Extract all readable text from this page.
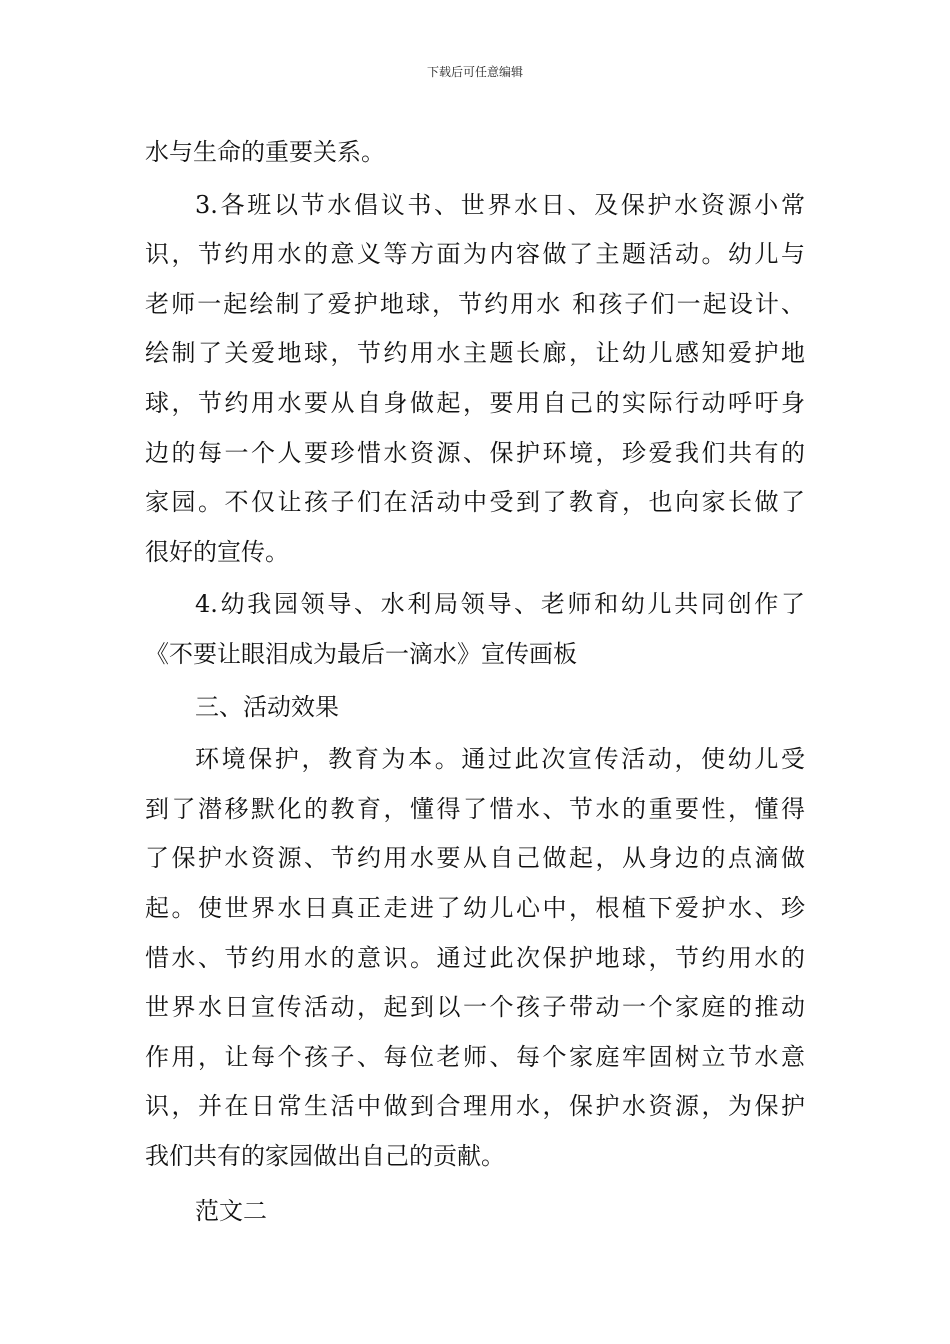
下载后可任意编辑
水与生命的重要关系。
3.各班以节水倡议书、世界水日、及保护水资源小常
识，节约用水的意义等方面为内容做了主题活动。幼儿与
老师一起绘制了爱护地球，节约用水 和孩子们一起设计、
绘制了关爱地球，节约用水主题长廊，让幼儿感知爱护地
球，节约用水要从自身做起，要用自己的实际行动呼吁身
边的每一个人要珍惜水资源、保护环境，珍爱我们共有的
家园。不仅让孩子们在活动中受到了教育，也向家长做了
很好的宣传。
4.幼我园领导、水利局领导、老师和幼儿共同创作了
《不要让眼泪成为最后一滴水》宣传画板
三、活动效果
环境保护，教育为本。通过此次宣传活动，使幼儿受
到了潜移默化的教育，懂得了惜水、节水的重要性，懂得
了保护水资源、节约用水要从自己做起，从身边的点滴做
起。使世界水日真正走进了幼儿心中，根植下爱护水、珍
惜水、节约用水的意识。通过此次保护地球，节约用水的
世界水日宣传活动，起到以一个孩子带动一个家庭的推动
作用，让每个孩子、每位老师、每个家庭牢固树立节水意
识，并在日常生活中做到合理用水，保护水资源，为保护
我们共有的家园做出自己的贡献。
范文二
